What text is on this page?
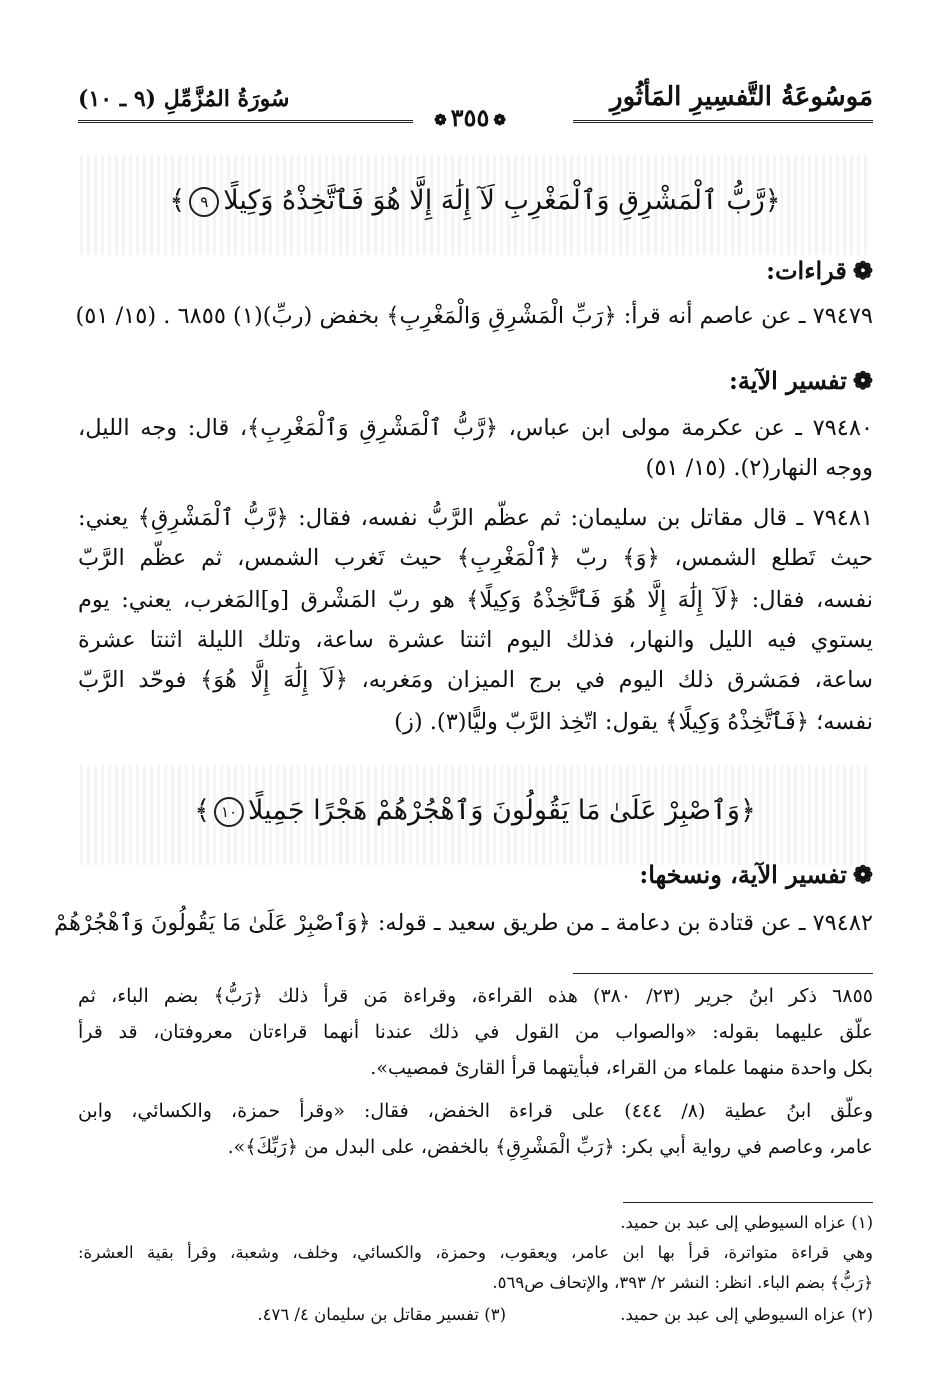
مَوسُوعَةُ التَّفسِيرِ المَأثُورِ
سُورَةُ المُزَّمِّلِ (٩ ـ ١٠)
❁٣٥٥❁
﴿رَّبُّ ٱلْمَشْرِقِ وَٱلْمَغْرِبِ لَآ إِلَٰهَ إِلَّا هُوَ فَٱتَّخِذْهُ وَكِيلًا٩﴾
❁قراءات:
٧٩٤٧٩ ـ عن عاصم أنه قرأ: ﴿رَبِّ الْمَشْرِقِ وَالْمَغْرِبِ﴾ بخفض (ربِّ)(١) ٦٨٥٥ . (١٥/ ٥١)
❁تفسير الآية:
٧٩٤٨٠ ـ عن عكرمة مولى ابن عباس، ﴿رَّبُّ ٱلْمَشْرِقِ وَٱلْمَغْرِبِ﴾، قال: وجه الليل،
ووجه النهار(٢). (١٥/ ٥١)
٧٩٤٨١ ـ قال مقاتل بن سليمان: ثم عظّم الرَّبُّ نفسه، فقال: ﴿رَّبُّ ٱلْمَشْرِقِ﴾ يعني:
حيث تَطلع الشمس، ﴿وَ﴾ ربّ ﴿ٱلْمَغْرِبِ﴾ حيث تَغرب الشمس، ثم عظّم الرَّبّ
نفسه، فقال: ﴿لَآ إِلَٰهَ إِلَّا هُوَ فَٱتَّخِذْهُ وَكِيلًا﴾ هو ربّ المَشْرق [و]المَغرب، يعني: يوم
يستوي فيه الليل والنهار، فذلك اليوم اثنتا عشرة ساعة، وتلك الليلة اثنتا عشرة
ساعة، فمَشرق ذلك اليوم في برج الميزان ومَغربه، ﴿لَآ إِلَٰهَ إِلَّا هُوَ﴾ فوحّد الرَّبّ
نفسه؛ ﴿فَٱتَّخِذْهُ وَكِيلًا﴾ يقول: اتّخِذ الرَّبّ وليًّا(٣). (ز)
﴿وَٱصْبِرْ عَلَىٰ مَا يَقُولُونَ وَٱهْجُرْهُمْ هَجْرًا جَمِيلًا١٠﴾
❁تفسير الآية، ونسخها:
٧٩٤٨٢ ـ عن قتادة بن دعامة ـ من طريق سعيد ـ قوله: ﴿وَٱصْبِرْ عَلَىٰ مَا يَقُولُونَ وَٱهْجُرْهُمْ
٦٨٥٥ ذكر ابنُ جرير (٢٣/ ٣٨٠) هذه القراءة، وقراءة مَن قرأ ذلك ﴿رَبُّ﴾ بضم الباء، ثم
علّق عليهما بقوله: «والصواب من القول في ذلك عندنا أنهما قراءتان معروفتان، قد قرأ
بكل واحدة منهما علماء من القراء، فبأيتهما قرأ القارئ فمصيب».
وعلّق ابنُ عطية (٨/ ٤٤٤) على قراءة الخفض، فقال: «وقرأ حمزة، والكسائي، وابن
عامر، وعاصم في رواية أبي بكر: ﴿رَبِّ الْمَشْرِقِ﴾ بالخفض، على البدل من ﴿رَبِّكَ﴾».
(١) عزاه السيوطي إلى عبد بن حميد.
وهي قراءة متواترة، قرأ بها ابن عامر، ويعقوب، وحمزة، والكسائي، وخلف، وشعبة، وقرأ بقية العشرة:
﴿رَبُّ﴾ بضم الباء. انظر: النشر ٢/ ٣٩٣، والإتحاف ص٥٦٩.
(٢) عزاه السيوطي إلى عبد بن حميد.
(٣) تفسير مقاتل بن سليمان ٤/ ٤٧٦.
